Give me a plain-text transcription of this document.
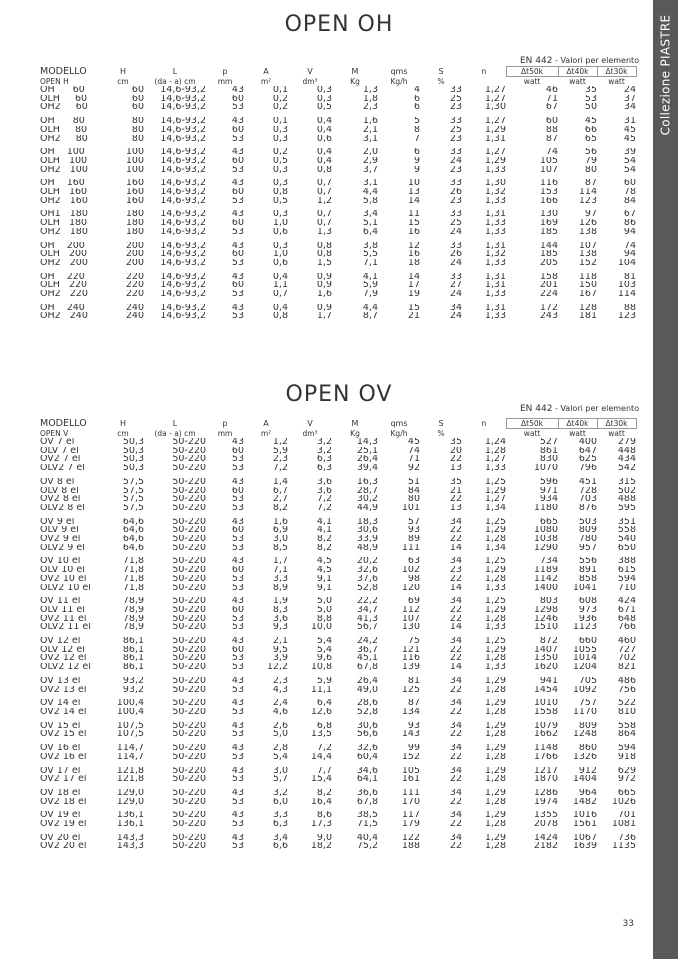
Collezione PIASTRE
OPEN OH
EN 442 - Valori per elemento
MODELLO	H	L	p	A	V	M	qms	S	n	Δt50k	Δt40k	Δt30k
OPEN H	cm	(da - a) cm	mm	m²	dm³	Kg	Kg/h	%		watt	watt	watt
OH      60	60	14,6-93,2	43	0,1	0,3	1,3	4	33	1,27	46	35	24
OLH     60	60	14,6-93,2	60	0,2	0,3	1,8	6	25	1,27	71	53	37
OH2     60	60	14,6-93,2	53	0,2	0,5	2,3	6	23	1,30	67	50	34

OH      80	80	14,6-93,2	43	0,1	0,4	1,6	5	33	1,27	60	45	31
OLH     80	80	14,6-93,2	60	0,3	0,4	2,1	8	25	1,29	88	66	45
OH2     80	80	14,6-93,2	53	0,3	0,6	3,1	7	23	1,31	87	65	45

OH    100	100	14,6-93,2	43	0,2	0,4	2,0	6	33	1,27	74	56	39
OLH   100	100	14,6-93,2	60	0,5	0,4	2,9	9	24	1,29	105	79	54
OH2   100	100	14,6-93,2	53	0,3	0,8	3,7	9	23	1,33	107	80	54

OH    160	160	14,6-93,2	43	0,3	0,7	3,1	10	33	1,30	116	87	60
OLH   160	160	14,6-93,2	60	0,8	0,7	4,4	13	26	1,32	153	114	78
OH2   160	160	14,6-93,2	53	0,5	1,2	5,8	14	23	1,33	166	123	84

OH1   180	180	14,6-93,2	43	0,3	0,7	3,4	11	33	1,31	130	97	67
OLH   180	180	14,6-93,2	60	1,0	0,7	5,1	15	25	1,33	169	126	86
OH2   180	180	14,6-93,2	53	0,6	1,3	6,4	16	24	1,33	185	138	94

OH    200	200	14,6-93,2	43	0,3	0,8	3,8	12	33	1,31	144	107	74
OLH   200	200	14,6-93,2	60	1,0	0,8	5,5	16	26	1,32	185	138	94
OH2   200	200	14,6-93,2	53	0,6	1,5	7,1	18	24	1,33	205	152	104

OH    220	220	14,6-93,2	43	0,4	0,9	4,1	14	33	1,31	158	118	81
OLH   220	220	14,6-93,2	60	1,1	0,9	5,9	17	27	1,31	201	150	103
OH2   220	220	14,6-93,2	53	0,7	1,6	7,9	19	24	1,33	224	167	114

OH    240	240	14,6-93,2	43	0,4	0,9	4,4	15	34	1,31	172	128	88
OH2   240	240	14,6-93,2	53	0,8	1,7	8,7	21	24	1,33	243	181	123
OPEN OV
EN 442 - Valori per elemento
MODELLO	H	L	p	A	V	M	qms	S	n	Δt50k	Δt40k	Δt30k
OPEN V	cm	(da - a) cm	mm	m²	dm³	Kg	Kg/h	%		watt	watt	watt
OV 7 el	50,3	50-220	43	1,2	3,2	14,3	45	35	1,24	527	400	279
OLV 7 el	50,3	50-220	60	5,9	3,2	25,1	74	20	1,28	861	647	448
OV2 7 el	50,3	50-220	53	2,3	6,3	26,4	71	22	1,27	830	625	434
OLV2 7 el	50,3	50-220	53	7,2	6,3	39,4	92	13	1,33	1070	796	542

OV 8 el	57,5	50-220	43	1,4	3,6	16,3	51	35	1,25	596	451	315
OLV 8 el	57,5	50-220	60	6,7	3,6	28,7	84	21	1,29	971	728	502
OV2 8 el	57,5	50-220	53	2,7	7,2	30,2	80	22	1,27	934	703	488
OLV2 8 el	57,5	50-220	53	8,2	7,2	44,9	101	13	1,34	1180	876	595

OV 9 el	64,6	50-220	43	1,6	4,1	18,3	57	34	1,25	665	503	351
OLV 9 el	64,6	50-220	60	6,9	4,1	30,6	93	22	1,29	1080	809	558
OV2 9 el	64,6	50-220	53	3,0	8,2	33,9	89	22	1,28	1038	780	540
OLV2 9 el	64,6	50-220	53	8,5	8,2	48,9	111	14	1,34	1290	957	650

OV 10 el	71,8	50-220	43	1,7	4,5	20,2	63	34	1,25	734	556	388
OLV 10 el	71,8	50-220	60	7,1	4,5	32,6	102	23	1,29	1189	891	615
OV2 10 el	71,8	50-220	53	3,3	9,1	37,6	98	22	1,28	1142	858	594
OLV2 10 el	71,8	50-220	53	8,9	9,1	52,8	120	14	1,33	1400	1041	710

OV 11 el	78,9	50-220	43	1,9	5,0	22,2	69	34	1,25	803	608	424
OLV 11 el	78,9	50-220	60	8,3	5,0	34,7	112	22	1,29	1298	973	671
OV2 11 el	78,9	50-220	53	3,6	8,8	41,3	107	22	1,28	1246	936	648
OLV2 11 el	78,9	50-220	53	9,3	10,0	56,7	130	14	1,33	1510	1123	766

OV 12 el	86,1	50-220	43	2,1	5,4	24,2	75	34	1,25	872	660	460
OLV 12 el	86,1	50-220	60	9,5	5,4	36,7	121	22	1,29	1407	1055	727
OV2 12 el	86,1	50-220	53	3,9	9,6	45,1	116	22	1,28	1350	1014	702
OLV2 12 el	86,1	50-220	53	12,2	10,8	67,8	139	14	1,33	1620	1204	821

OV 13 el	93,2	50-220	43	2,3	5,9	26,4	81	34	1,29	941	705	486
OV2 13 el	93,2	50-220	53	4,3	11,1	49,0	125	22	1,28	1454	1092	756

OV 14 el	100,4	50-220	43	2,4	6,4	28,6	87	34	1,29	1010	757	522
OV2 14 el	100,4	50-220	53	4,6	12,6	52,8	134	22	1,28	1558	1170	810

OV 15 el	107,5	50-220	43	2,6	6,8	30,6	93	34	1,29	1079	809	558
OV2 15 el	107,5	50-220	53	5,0	13,5	56,6	143	22	1,28	1662	1248	864

OV 16 el	114,7	50-220	43	2,8	7,2	32,6	99	34	1,29	1148	860	594
OV2 16 el	114,7	50-220	53	5,4	14,4	60,4	152	22	1,28	1766	1326	918

OV 17 el	121,8	50-220	43	3,0	7,7	34,6	105	34	1,29	1217	912	629
OV2 17 el	121,8	50-220	53	5,7	15,4	64,1	161	22	1,28	1870	1404	972

OV 18 el	129,0	50-220	43	3,2	8,2	36,6	111	34	1,29	1286	964	665
OV2 18 el	129,0	50-220	53	6,0	16,4	67,8	170	22	1,28	1974	1482	1026

OV 19 el	136,1	50-220	43	3,3	8,6	38,5	117	34	1,29	1355	1016	701
OV2 19 el	136,1	50-220	53	6,3	17,3	71,5	179	22	1,28	2078	1561	1081

OV 20 el	143,3	50-220	43	3,4	9,0	40,4	122	34	1,29	1424	1067	736
OV2 20 el	143,3	50-220	53	6,6	18,2	75,2	188	22	1,28	2182	1639	1135
33
